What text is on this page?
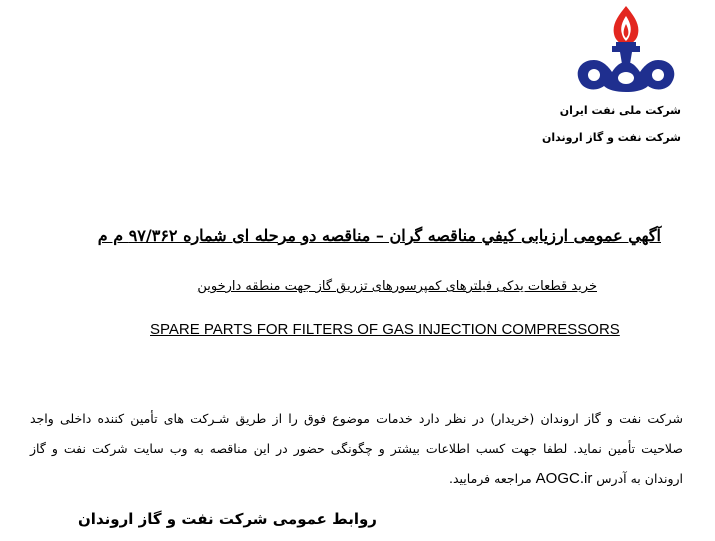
شرکت ملی نفت ایران
شرکت نفت و گاز اروندان
آگهي عمومی ارزيابی کيفي مناقصه گران – مناقصه دو مرحله ای شماره ۹۷/۳۶۲ م م
خريد قطعات يدکی فيلترهای کمپرسورهای تزريق گاز جهت منطقه دارخوين
SPARE PARTS FOR FILTERS OF GAS INJECTION COMPRESSORS

شرکت نفت و گاز اروندان (خريدار) در نظر دارد خدمات موضوع فوق را از طريق شـرکت های تأمين کننده داخلی واجد صلاحيت تأمين نمايد. لطفا جهت کسب اطلاعات بيشتر و چگونگی حضور در اين مناقصه به وب سايت شرکت نفت و گاز اروندان به آدرس AOGC.ir مراجعه فرماييد.

روابط عمومی شرکت نفت و گاز اروندان
